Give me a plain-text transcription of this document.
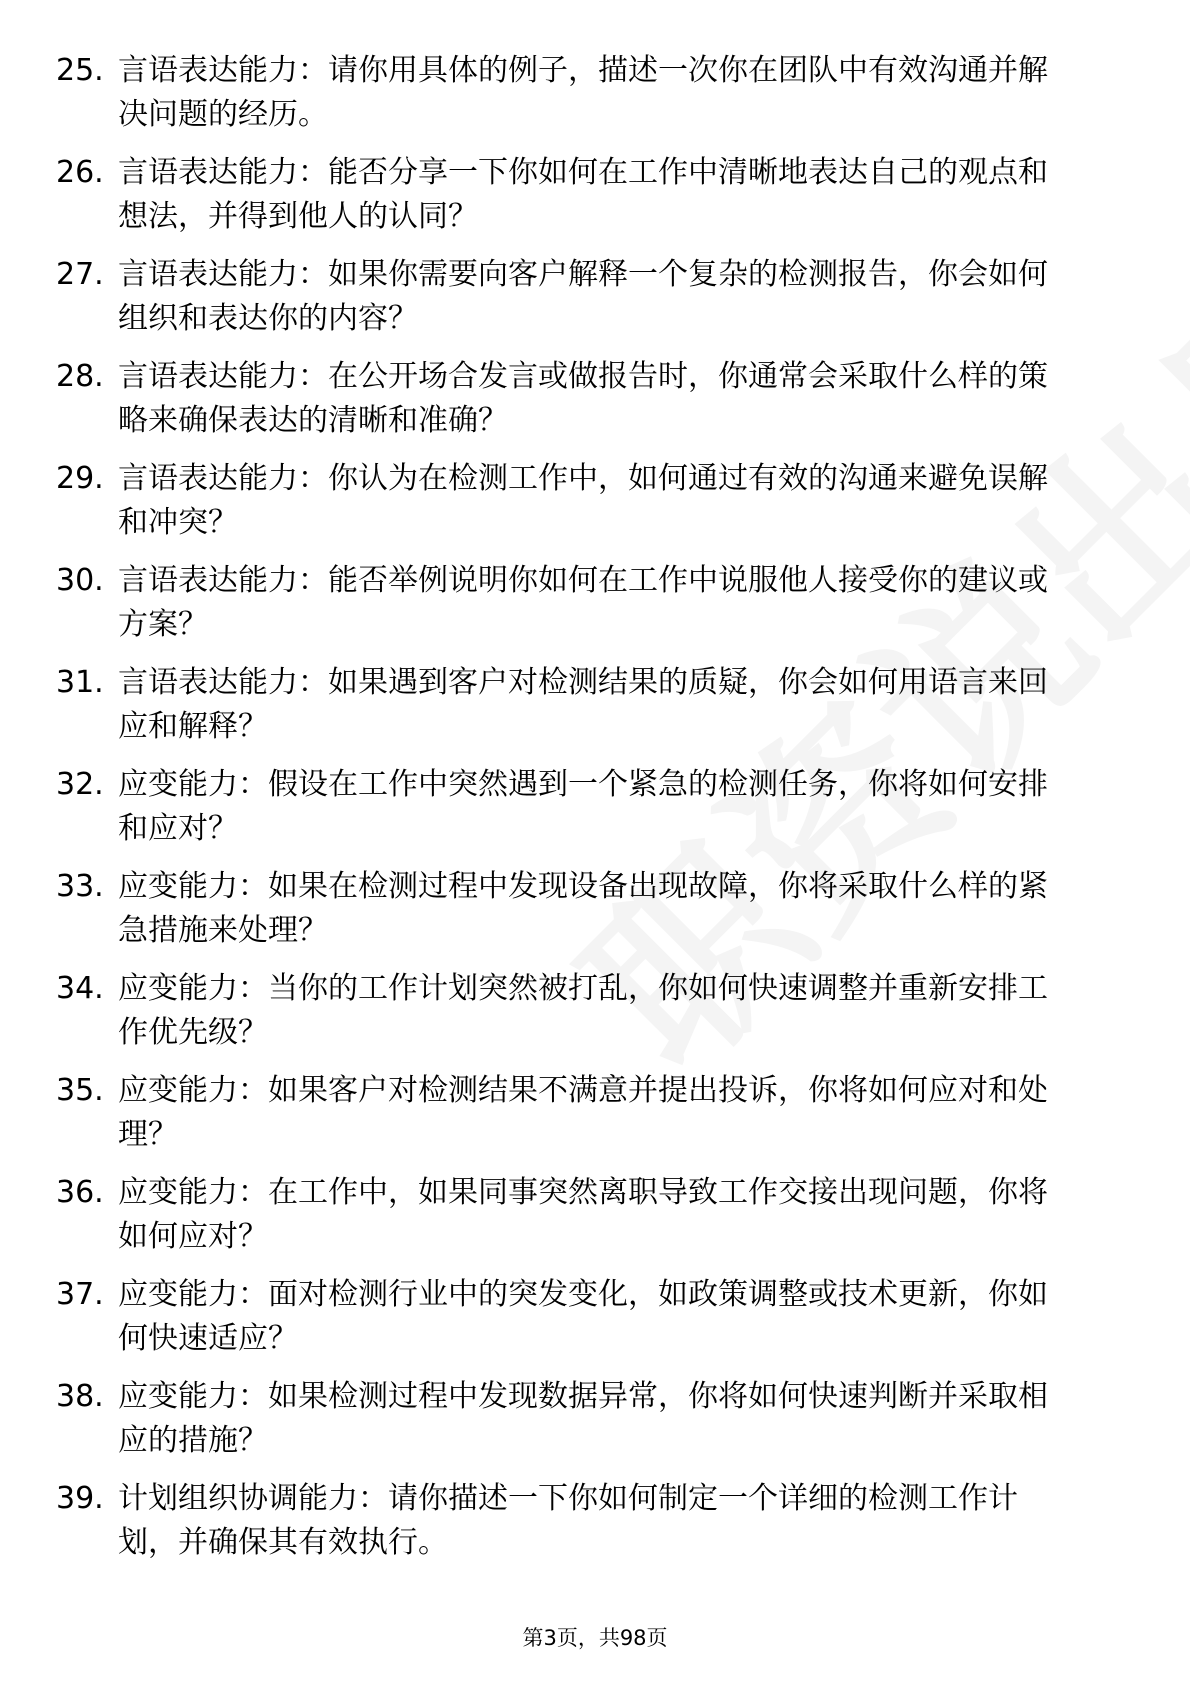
25. 言语表达能力：请你用具体的例子，描述一次你在团队中有效沟通并解决问题的经历。
26. 言语表达能力：能否分享一下你如何在工作中清晰地表达自己的观点和想法，并得到他人的认同？
27. 言语表达能力：如果你需要向客户解释一个复杂的检测报告，你会如何组织和表达你的内容？
28. 言语表达能力：在公开场合发言或做报告时，你通常会采取什么样的策略来确保表达的清晰和准确？
29. 言语表达能力：你认为在检测工作中，如何通过有效的沟通来避免误解和冲突？
30. 言语表达能力：能否举例说明你如何在工作中说服他人接受你的建议或方案？
31. 言语表达能力：如果遇到客户对检测结果的质疑，你会如何用语言来回应和解释？
32. 应变能力：假设在工作中突然遇到一个紧急的检测任务，你将如何安排和应对？
33. 应变能力：如果在检测过程中发现设备出现故障，你将采取什么样的紧急措施来处理？
34. 应变能力：当你的工作计划突然被打乱，你如何快速调整并重新安排工作优先级？
35. 应变能力：如果客户对检测结果不满意并提出投诉，你将如何应对和处理？
36. 应变能力：在工作中，如果同事突然离职导致工作交接出现问题，你将如何应对？
37. 应变能力：面对检测行业中的突发变化，如政策调整或技术更新，你如何快速适应？
38. 应变能力：如果检测过程中发现数据异常，你将如何快速判断并采取相应的措施？
39. 计划组织协调能力：请你描述一下你如何制定一个详细的检测工作计划，并确保其有效执行。
第3页，共98页
